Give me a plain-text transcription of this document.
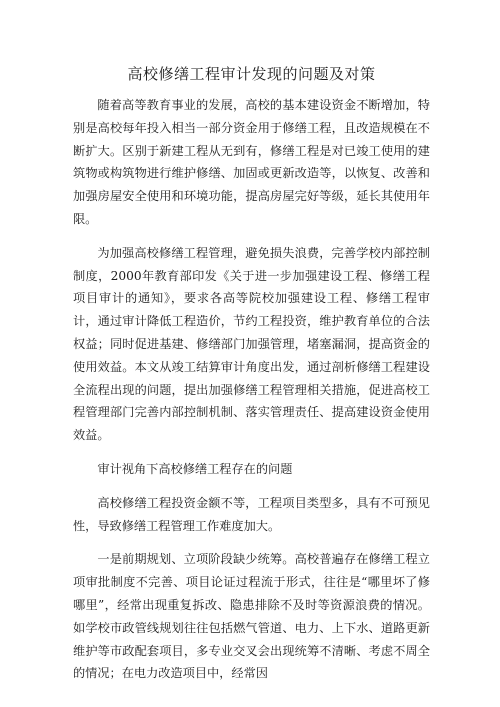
高校修缮工程审计发现的问题及对策

随着高等教育事业的发展，高校的基本建设资金不断增加，特别是高校每年投入相当一部分资金用于修缮工程，且改造规模在不断扩大。区别于新建工程从无到有，修缮工程是对已竣工使用的建筑物或构筑物进行维护修缮、加固或更新改造等，以恢复、改善和加强房屋安全使用和环境功能，提高房屋完好等级，延长其使用年限。

为加强高校修缮工程管理，避免损失浪费，完善学校内部控制制度，2000年教育部印发《关于进一步加强建设工程、修缮工程项目审计的通知》，要求各高等院校加强建设工程、修缮工程审计，通过审计降低工程造价，节约工程投资，维护教育单位的合法权益；同时促进基建、修缮部门加强管理，堵塞漏洞，提高资金的使用效益。本文从竣工结算审计角度出发，通过剖析修缮工程建设全流程出现的问题，提出加强修缮工程管理相关措施，促进高校工程管理部门完善内部控制机制、落实管理责任、提高建设资金使用效益。

审计视角下高校修缮工程存在的问题

高校修缮工程投资金额不等，工程项目类型多，具有不可预见性，导致修缮工程管理工作难度加大。

一是前期规划、立项阶段缺少统筹。高校普遍存在修缮工程立项审批制度不完善、项目论证过程流于形式，往往是“哪里坏了修哪里”，经常出现重复拆改、隐患排除不及时等资源浪费的情况。如学校市政管线规划往往包括燃气管道、电力、上下水、道路更新维护等市政配套项目，多专业交叉会出现统筹不清晰、考虑不周全的情况；在电力改造项目中，经常因
